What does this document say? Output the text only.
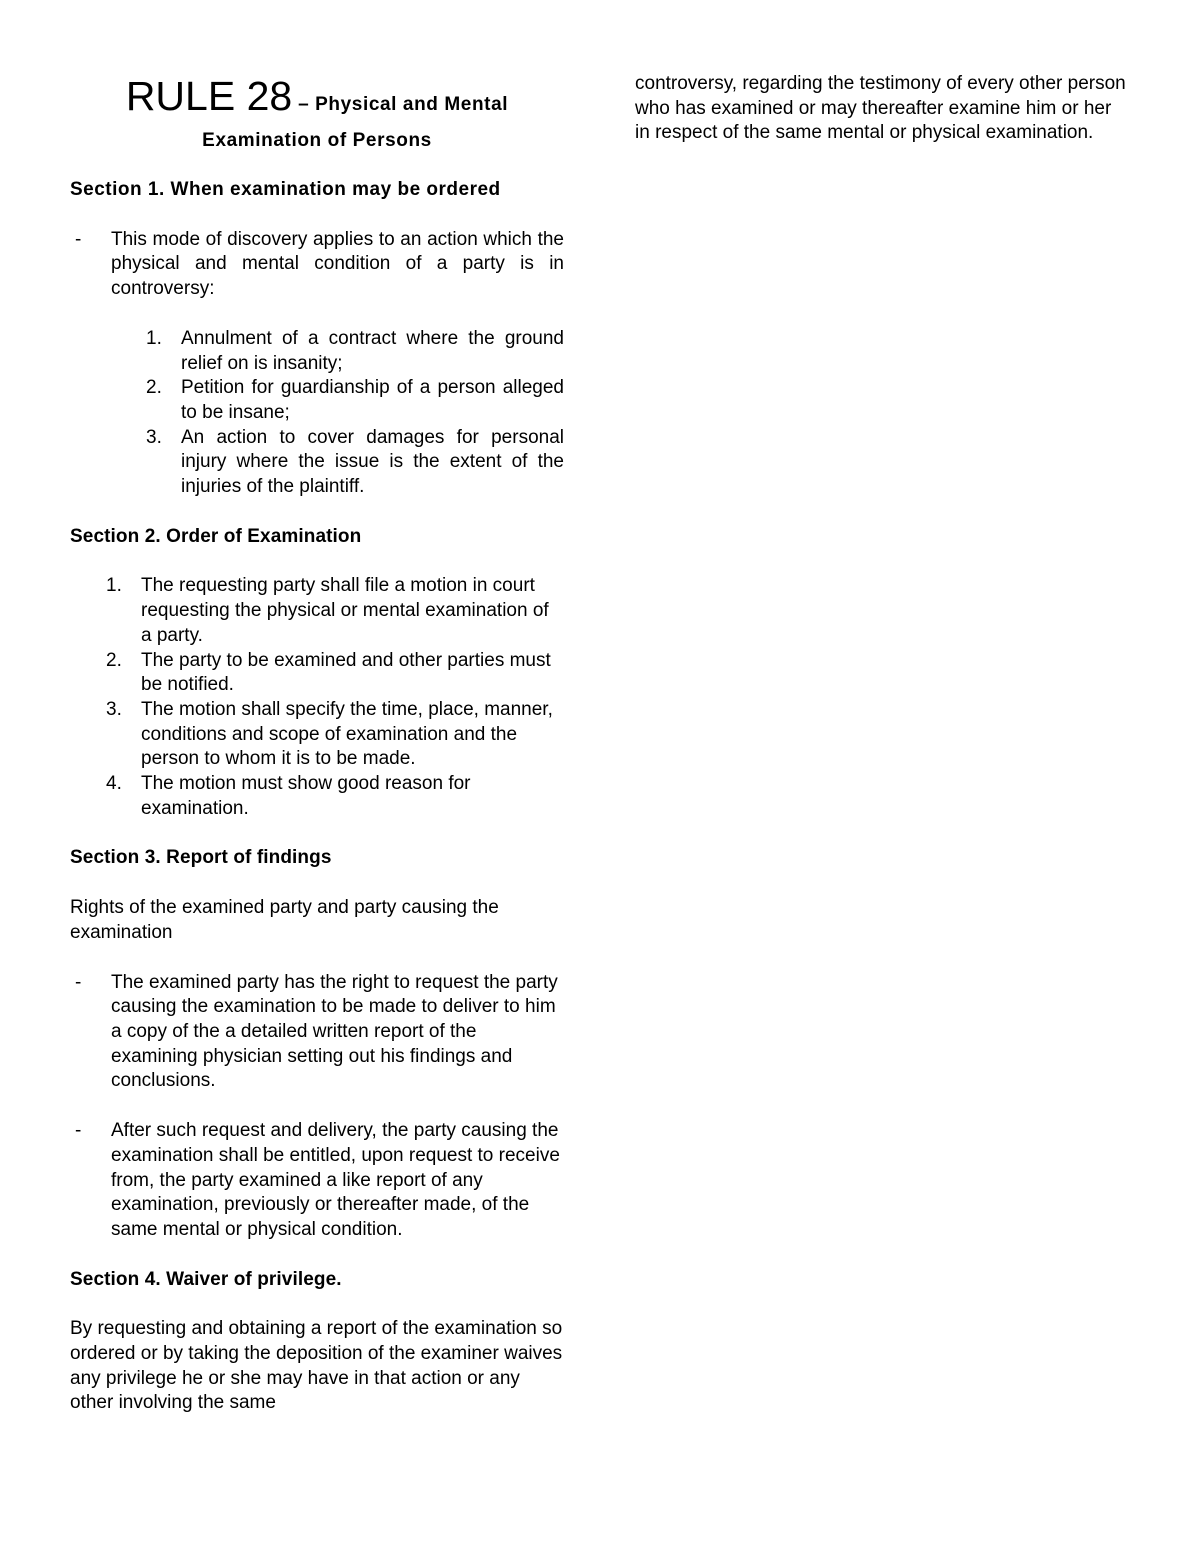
RULE 28 – Physical and Mental
Examination of Persons
Section 1. When examination may be ordered
- This mode of discovery applies to an action which the physical and mental condition of a party is in controversy:
1. Annulment of a contract where the ground relief on is insanity;
2. Petition for guardianship of a person alleged to be insane;
3. An action to cover damages for personal injury where the issue is the extent of the injuries of the plaintiff.
Section 2. Order of Examination
1. The requesting party shall file a motion in court requesting the physical or mental examination of a party.
2. The party to be examined and other parties must be notified.
3. The motion shall specify the time, place, manner, conditions and scope of examination and the person to whom it is to be made.
4. The motion must show good reason for examination.
Section 3. Report of findings
Rights of the examined party and party causing the examination
- The examined party has the right to request the party causing the examination to be made to deliver to him a copy of the a detailed written report of the examining physician setting out his findings and conclusions.
- After such request and delivery, the party causing the examination shall be entitled, upon request to receive from, the party examined a like report of any examination, previously or thereafter made, of the same mental or physical condition.
Section 4. Waiver of privilege.
By requesting and obtaining a report of the examination so ordered or by taking the deposition of the examiner waives any privilege he or she may have in that action or any other involving the same
controversy, regarding the testimony of every other person who has examined or may thereafter examine him or her in respect of the same mental or physical examination.
